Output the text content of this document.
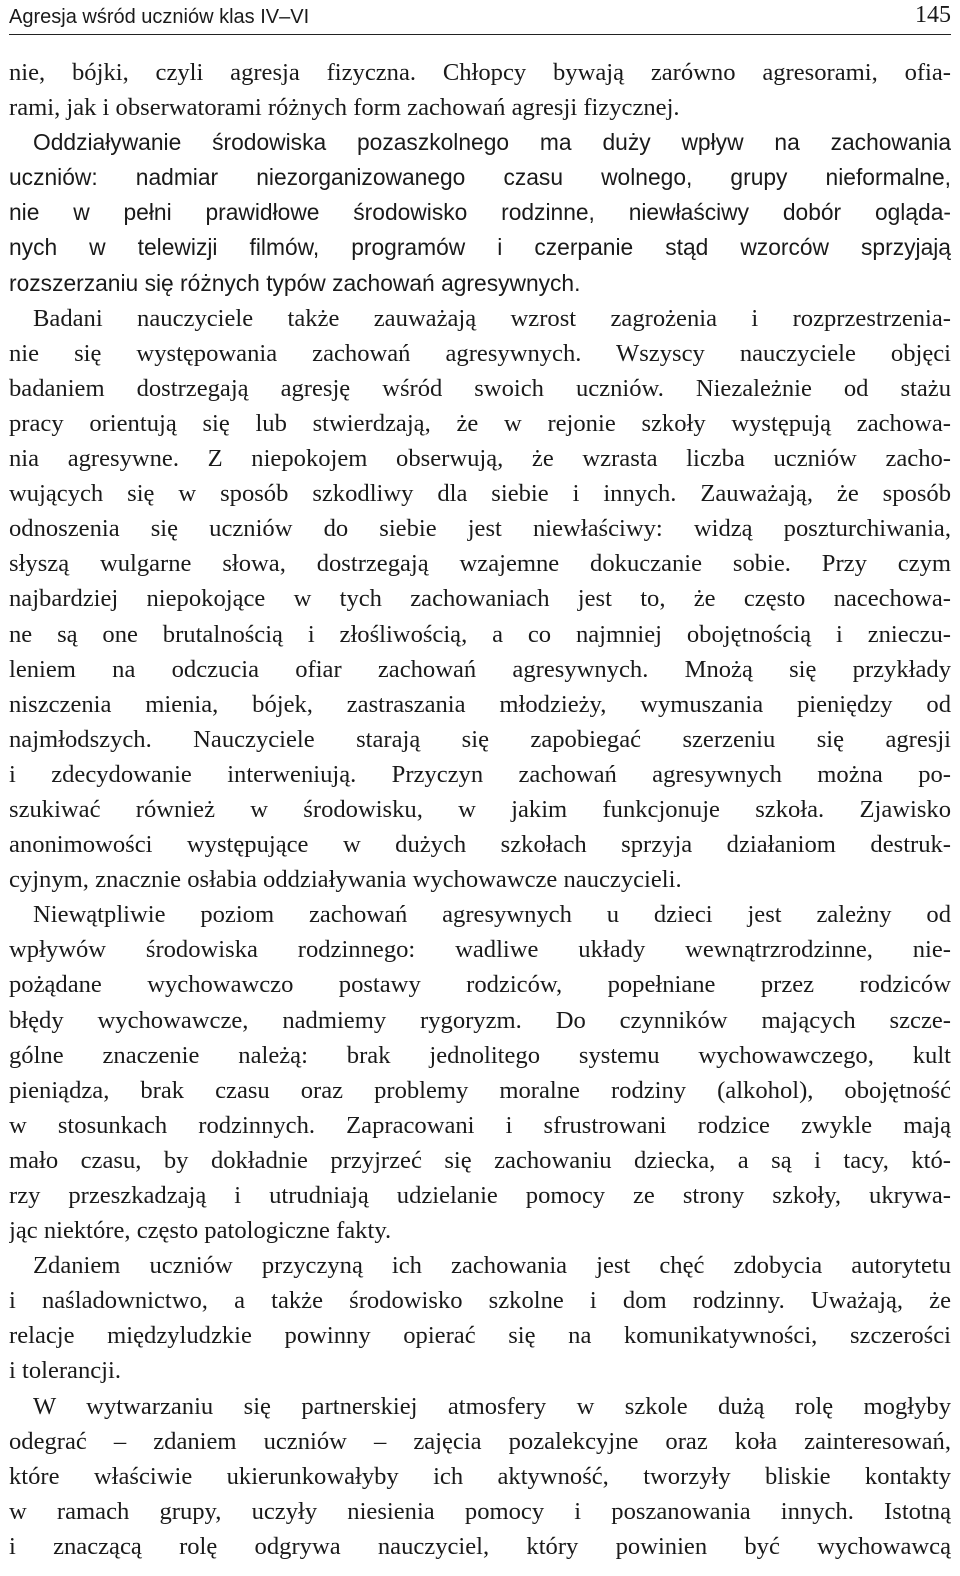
Agresja wśród uczniów klas IV–VI	145
nie, bójki, czyli agresja fizyczna. Chłopcy bywają zarówno agresorami, ofia-
rami, jak i obserwatorami różnych form zachowań agresji fizycznej.
Oddziaływanie środowiska pozaszkolnego ma duży wpływ na zachowania
uczniów: nadmiar niezorganizowanego czasu wolnego, grupy nieformalne,
nie w pełni prawidłowe środowisko rodzinne, niewłaściwy dobór ogląda-
nych w telewizji filmów, programów i czerpanie stąd wzorców sprzyjają
rozszerzaniu się różnych typów zachowań agresywnych.
Badani nauczyciele także zauważają wzrost zagrożenia i rozprzestrzenia-
nie się występowania zachowań agresywnych. Wszyscy nauczyciele objęci
badaniem dostrzegają agresję wśród swoich uczniów. Niezależnie od stażu
pracy orientują się lub stwierdzają, że w rejonie szkoły występują zachowa-
nia agresywne. Z niepokojem obserwują, że wzrasta liczba uczniów zacho-
wujących się w sposób szkodliwy dla siebie i innych. Zauważają, że sposób
odnoszenia się uczniów do siebie jest niewłaściwy: widzą poszturchiwania,
słyszą wulgarne słowa, dostrzegają wzajemne dokuczanie sobie. Przy czym
najbardziej niepokojące w tych zachowaniach jest to, że często nacechowa-
ne są one brutalnością i złośliwością, a co najmniej obojętnością i znieczu-
leniem na odczucia ofiar zachowań agresywnych. Mnożą się przykłady
niszczenia mienia, bójek, zastraszania młodzieży, wymuszania pieniędzy od
najmłodszych. Nauczyciele starają się zapobiegać szerzeniu się agresji
i zdecydowanie interweniują. Przyczyn zachowań agresywnych można po-
szukiwać również w środowisku, w jakim funkcjonuje szkoła. Zjawisko
anonimowości występujące w dużych szkołach sprzyja działaniom destruk-
cyjnym, znacznie osłabia oddziaływania wychowawcze nauczycieli.
Niewątpliwie poziom zachowań agresywnych u dzieci jest zależny od
wpływów środowiska rodzinnego: wadliwe układy wewnątrzrodzinne, nie-
pożądane wychowawczo postawy rodziców, popełniane przez rodziców
błędy wychowawcze, nadmiemy rygoryzm. Do czynników mających szcze-
gólne znaczenie należą: brak jednolitego systemu wychowawczego, kult
pieniądza, brak czasu oraz problemy moralne rodziny (alkohol), obojętność
w stosunkach rodzinnych. Zapracowani i sfrustrowani rodzice zwykle mają
mało czasu, by dokładnie przyjrzeć się zachowaniu dziecka, a są i tacy, któ-
rzy przeszkadzają i utrudniają udzielanie pomocy ze strony szkoły, ukrywa-
jąc niektóre, często patologiczne fakty.
Zdaniem uczniów przyczyną ich zachowania jest chęć zdobycia autorytetu
i naśladownictwo, a także środowisko szkolne i dom rodzinny. Uważają, że
relacje międzyludzkie powinny opierać się na komunikatywności, szczerości
i tolerancji.
W wytwarzaniu się partnerskiej atmosfery w szkole dużą rolę mogłyby
odegrać – zdaniem uczniów – zajęcia pozalekcyjne oraz koła zainteresowań,
które właściwie ukierunkowałyby ich aktywność, tworzyły bliskie kontakty
w ramach grupy, uczyły niesienia pomocy i poszanowania innych. Istotną
i znaczącą rolę odgrywa nauczyciel, który powinien być wychowawcą
